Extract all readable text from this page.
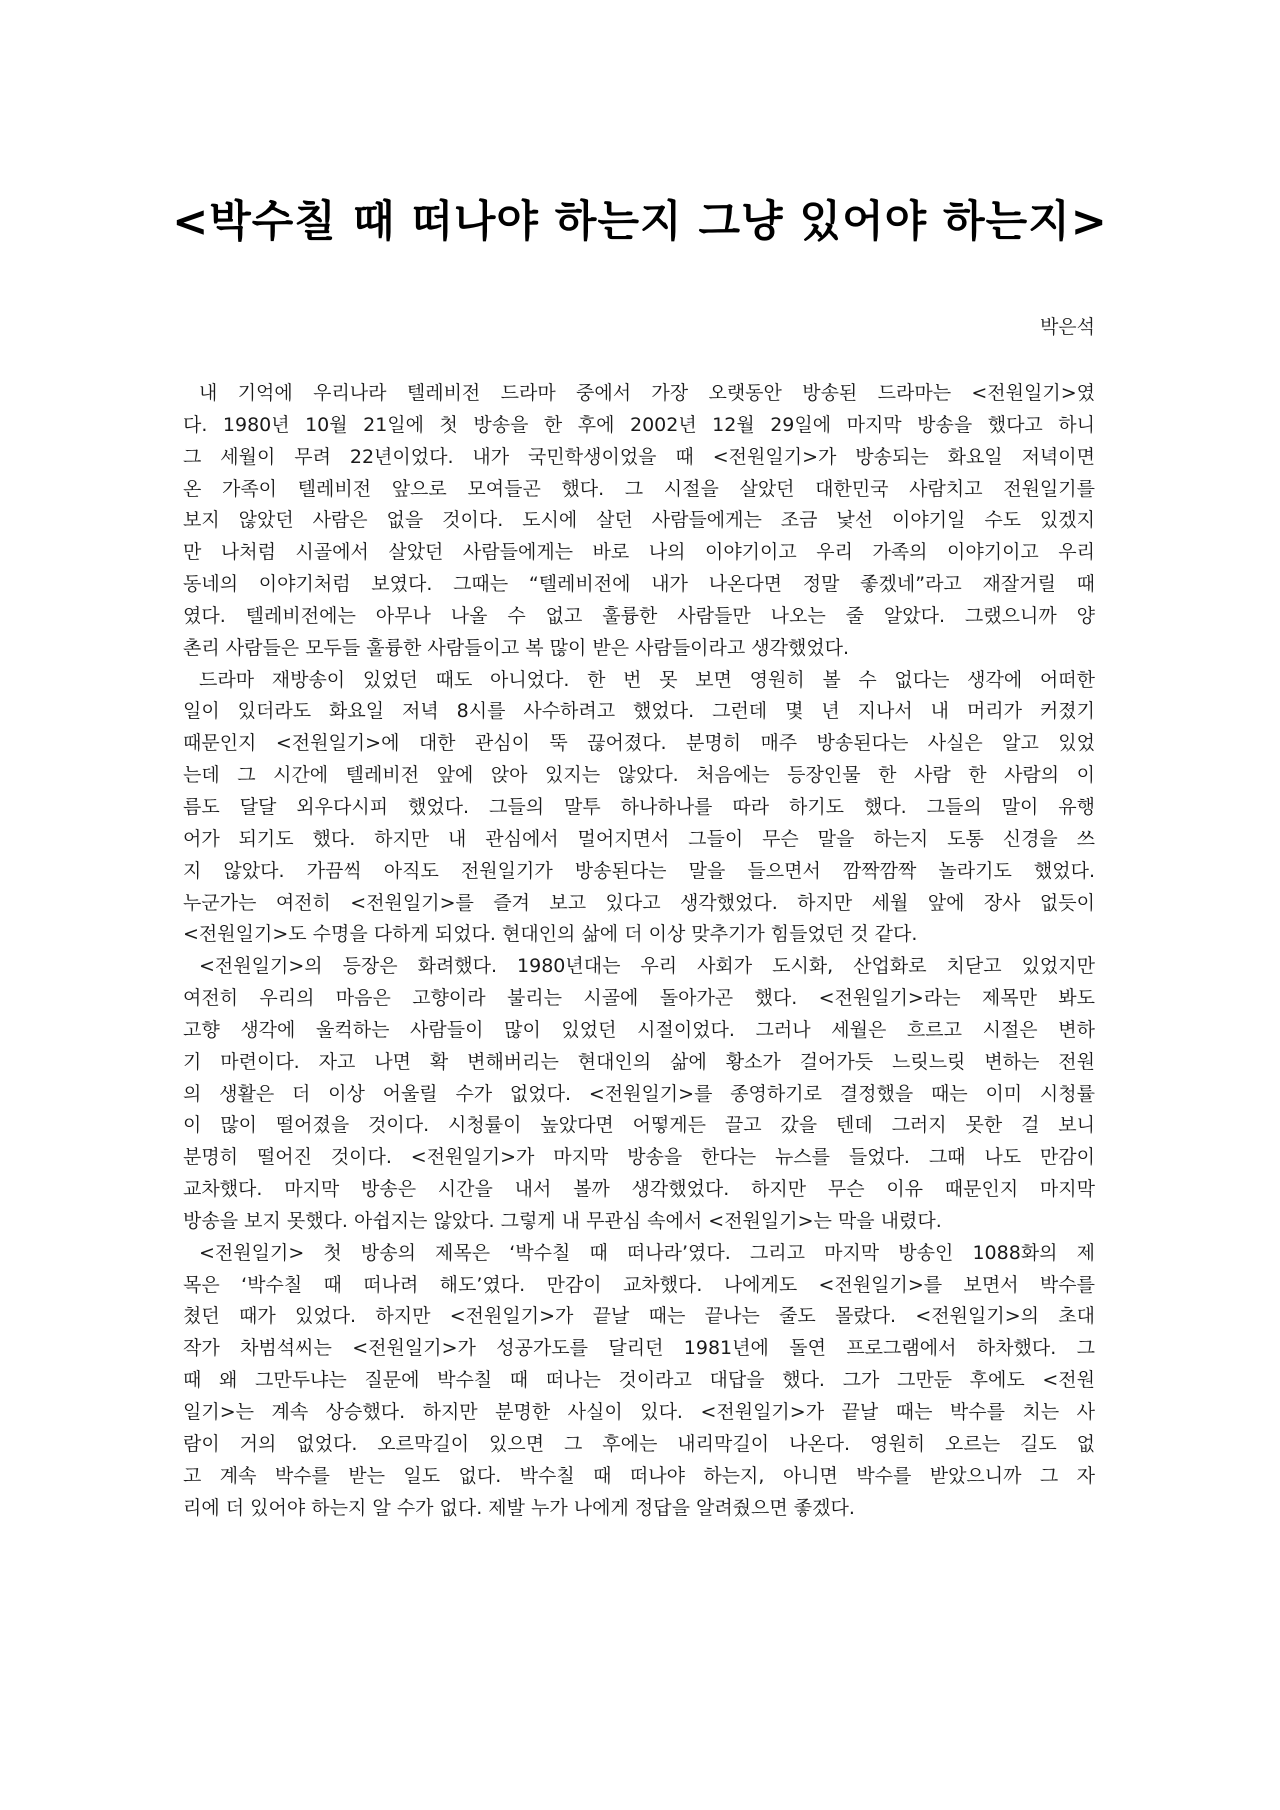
<박수칠 때 떠나야 하는지 그냥 있어야 하는지>
박은석
내 기억에 우리나라 텔레비전 드라마 중에서 가장 오랫동안 방송된 드라마는 <전원일기>였
다. 1980년 10월 21일에 첫 방송을 한 후에 2002년 12월 29일에 마지막 방송을 했다고 하니
그 세월이 무려 22년이었다. 내가 국민학생이었을 때 <전원일기>가 방송되는 화요일 저녁이면
온 가족이 텔레비전 앞으로 모여들곤 했다. 그 시절을 살았던 대한민국 사람치고 전원일기를
보지 않았던 사람은 없을 것이다. 도시에 살던 사람들에게는 조금 낯선 이야기일 수도 있겠지
만 나처럼 시골에서 살았던 사람들에게는 바로 나의 이야기이고 우리 가족의 이야기이고 우리
동네의 이야기처럼 보였다. 그때는 “텔레비전에 내가 나온다면 정말 좋겠네”라고 재잘거릴 때
였다. 텔레비전에는 아무나 나올 수 없고 훌륭한 사람들만 나오는 줄 알았다. 그랬으니까 양
촌리 사람들은 모두들 훌륭한 사람들이고 복 많이 받은 사람들이라고 생각했었다.
드라마 재방송이 있었던 때도 아니었다. 한 번 못 보면 영원히 볼 수 없다는 생각에 어떠한
일이 있더라도 화요일 저녁 8시를 사수하려고 했었다. 그런데 몇 년 지나서 내 머리가 커졌기
때문인지 <전원일기>에 대한 관심이 뚝 끊어졌다. 분명히 매주 방송된다는 사실은 알고 있었
는데 그 시간에 텔레비전 앞에 앉아 있지는 않았다. 처음에는 등장인물 한 사람 한 사람의 이
름도 달달 외우다시피 했었다. 그들의 말투 하나하나를 따라 하기도 했다. 그들의 말이 유행
어가 되기도 했다. 하지만 내 관심에서 멀어지면서 그들이 무슨 말을 하는지 도통 신경을 쓰
지 않았다. 가끔씩 아직도 전원일기가 방송된다는 말을 들으면서 깜짝깜짝 놀라기도 했었다.
누군가는 여전히 <전원일기>를 즐겨 보고 있다고 생각했었다. 하지만 세월 앞에 장사 없듯이
<전원일기>도 수명을 다하게 되었다. 현대인의 삶에 더 이상 맞추기가 힘들었던 것 같다.
<전원일기>의 등장은 화려했다. 1980년대는 우리 사회가 도시화, 산업화로 치닫고 있었지만
여전히 우리의 마음은 고향이라 불리는 시골에 돌아가곤 했다. <전원일기>라는 제목만 봐도
고향 생각에 울컥하는 사람들이 많이 있었던 시절이었다. 그러나 세월은 흐르고 시절은 변하
기 마련이다. 자고 나면 확 변해버리는 현대인의 삶에 황소가 걸어가듯 느릿느릿 변하는 전원
의 생활은 더 이상 어울릴 수가 없었다. <전원일기>를 종영하기로 결정했을 때는 이미 시청률
이 많이 떨어졌을 것이다. 시청률이 높았다면 어떻게든 끌고 갔을 텐데 그러지 못한 걸 보니
분명히 떨어진 것이다. <전원일기>가 마지막 방송을 한다는 뉴스를 들었다. 그때 나도 만감이
교차했다. 마지막 방송은 시간을 내서 볼까 생각했었다. 하지만 무슨 이유 때문인지 마지막
방송을 보지 못했다. 아쉽지는 않았다. 그렇게 내 무관심 속에서 <전원일기>는 막을 내렸다.
<전원일기> 첫 방송의 제목은 ‘박수칠 때 떠나라’였다. 그리고 마지막 방송인 1088화의 제
목은 ‘박수칠 때 떠나려 해도’였다. 만감이 교차했다. 나에게도 <전원일기>를 보면서 박수를
쳤던 때가 있었다. 하지만 <전원일기>가 끝날 때는 끝나는 줄도 몰랐다. <전원일기>의 초대
작가 차범석씨는 <전원일기>가 성공가도를 달리던 1981년에 돌연 프로그램에서 하차했다. 그
때 왜 그만두냐는 질문에 박수칠 때 떠나는 것이라고 대답을 했다. 그가 그만둔 후에도 <전원
일기>는 계속 상승했다. 하지만 분명한 사실이 있다. <전원일기>가 끝날 때는 박수를 치는 사
람이 거의 없었다. 오르막길이 있으면 그 후에는 내리막길이 나온다. 영원히 오르는 길도 없
고 계속 박수를 받는 일도 없다. 박수칠 때 떠나야 하는지, 아니면 박수를 받았으니까 그 자
리에 더 있어야 하는지 알 수가 없다. 제발 누가 나에게 정답을 알려줬으면 좋겠다.
